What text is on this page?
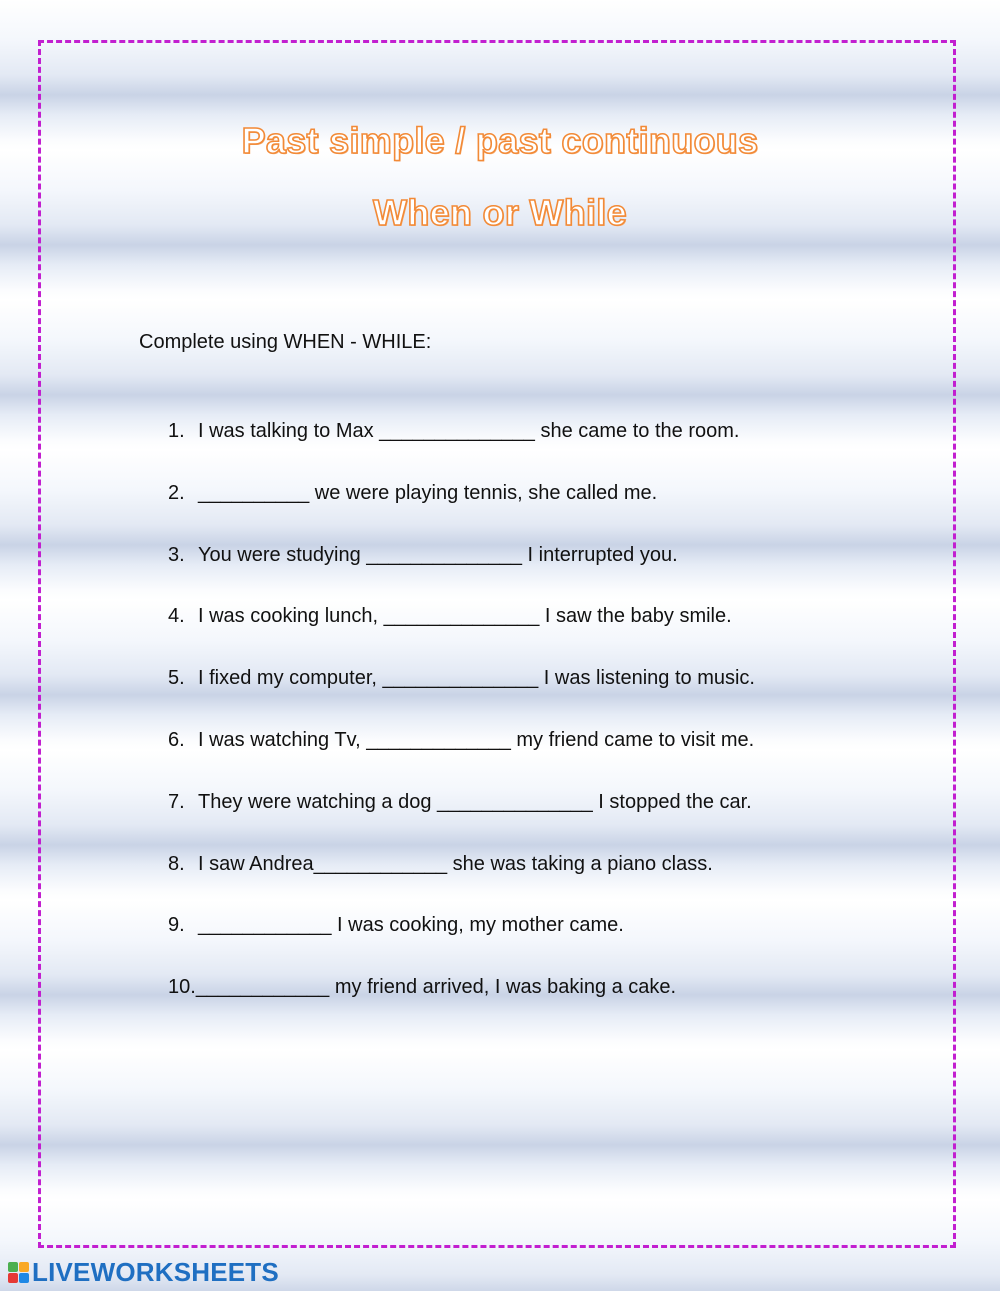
Past simple / past continuous
When or While
Complete using WHEN - WHILE:
1. I was talking to Max ______________ she came to the room.
2. __________ we were playing tennis, she called me.
3. You were studying ______________ I interrupted you.
4. I was cooking lunch, ______________ I saw the baby smile.
5. I fixed my computer, ______________ I was listening to music.
6. I was watching Tv, _____________ my friend came to visit me.
7. They were watching a dog ______________ I stopped the car.
8. I saw Andrea____________ she was taking a piano class.
9. ____________ I was cooking, my mother came.
10. ____________ my friend arrived, I was baking a cake.
LIVEWORKSHEETS
